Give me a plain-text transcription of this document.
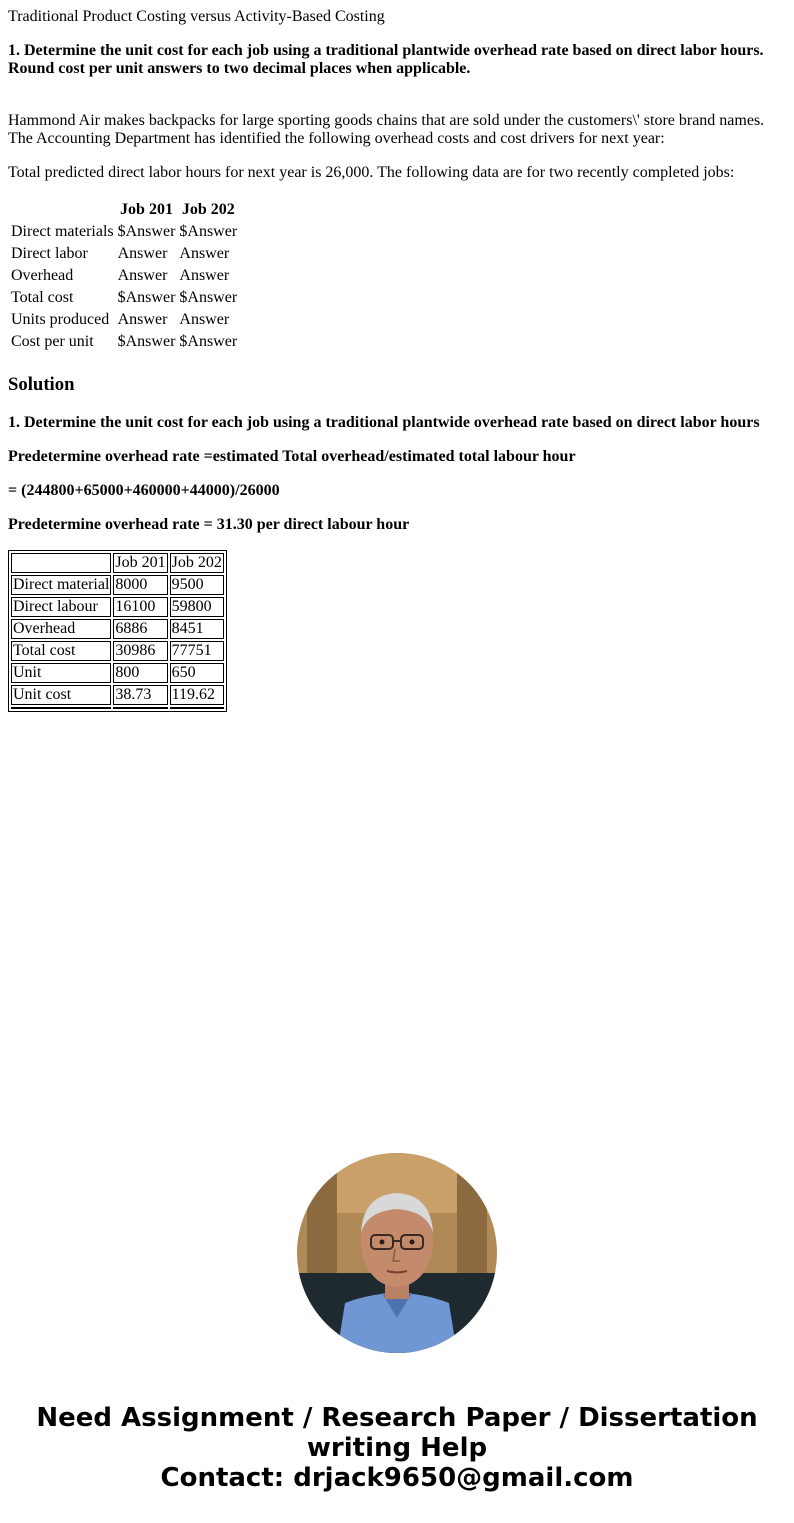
Traditional Product Costing versus Activity-Based Costing
1. Determine the unit cost for each job using a traditional plantwide overhead rate based on direct labor hours. Round cost per unit answers to two decimal places when applicable.
Hammond Air makes backpacks for large sporting goods chains that are sold under the customers\' store brand names. The Accounting Department has identified the following overhead costs and cost drivers for next year:
Total predicted direct labor hours for next year is 26,000. The following data are for two recently completed jobs:
	Job 201	Job 202
Direct materials	$Answer	$Answer
Direct labor	Answer	Answer
Overhead	Answer	Answer
Total cost	$Answer	$Answer
Units produced	Answer	Answer
Cost per unit	$Answer	$Answer
Solution
1. Determine the unit cost for each job using a traditional plantwide overhead rate based on direct labor hours
Predetermine overhead rate =estimated Total overhead/estimated total labour hour
= (244800+65000+460000+44000)/26000
Predetermine overhead rate = 31.30 per direct labour hour
	Job 201	Job 202
Direct material	8000	9500
Direct labour	16100	59800
Overhead	6886	8451
Total cost	30986	77751
Unit	800	650
Unit cost	38.73	119.62

Need Assignment / Research Paper / Dissertation
writing Help
Contact: drjack9650@gmail.com
